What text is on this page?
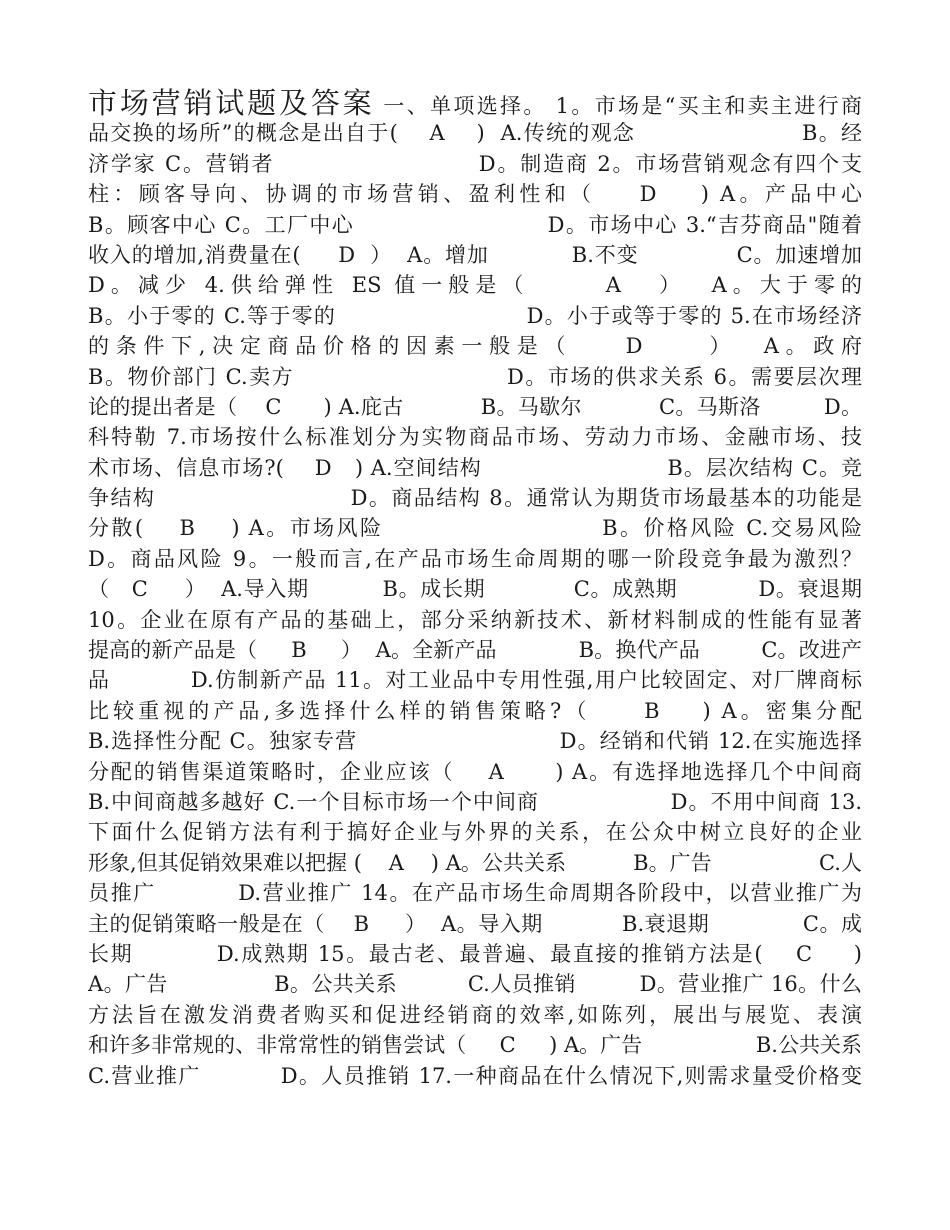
市场营销试题及答案 一、单项选择。 1。市场是“买主和卖主进行商
品交换的场所”的概念是出自于(    A    )  A.传统的观念                     B。经
济学家 C。营销者                        D。制造商 2。市场营销观念有四个支
柱：顾客导向、协调的市场营销、盈利性和（    D    ) A。产品中心
B。顾客中心 C。工厂中心                        D。市场中心 3.“吉芬商品"随着
收入的增加,消费量在(     D  ）  A。增加           B.不变             C。加速增加
D。减少 4.供给弹性 ES 值一般是（      A   ）  A。大于零的
B。小于零的 C.等于零的                        D。小于或等于零的 5.在市场经济
的条件下,决定商品价格的因素一般是（    D     ）  A。政府
B。物价部门 C.卖方                          D。市场的供求关系 6。需要层次理
论的提出者是（    C      ) A.庇古           B。马歇尔           C。马斯洛         D。
科特勒 7.市场按什么标准划分为实物商品市场、劳动力市场、金融市场、技
术市场、信息市场?(    D   ) A.空间结构                        B。层次结构 C。竞
争结构                        D。商品结构 8。通常认为期货市场最基本的功能是
分散(    B    ) A。市场风险                        B。价格风险 C.交易风险
D。商品风险 9。一般而言,在产品市场生命周期的哪一阶段竞争最为激烈？
（   C     ）  A.导入期          B。成长期            C。成熟期           D。衰退期
10。企业在原有产品的基础上，部分采纳新技术、新材料制成的性能有显著
提高的新产品是（     B     ）  A。全新产品            B。换代产品         C。改进产
品          D.仿制新产品 11。对工业品中专用性强,用户比较固定、对厂牌商标
比较重视的产品,多选择什么样的销售策略?（     B    ) A。密集分配
B.选择性分配 C。独家专营                          D。经销和代销 12.在实施选择
分配的销售渠道策略时，企业应该（    A      ) A。有选择地选择几个中间商
B.中间商越多越好 C.一个目标市场一个中间商                 D。不用中间商 13.
下面什么促销方法有利于搞好企业与外界的关系，在公众中树立良好的企业
形象,但其促销效果难以把握 (    A    ) A。公共关系          B。广告                C.人
员推广          D.营业推广 14。在产品市场生命周期各阶段中，以营业推广为
主的促销策略一般是在（    B     ）  A。导入期           B.衰退期             C。成
长期          D.成熟期 15。最古老、最普遍、最直接的推销方法是(    C     )
A。广告               B。公共关系          C.人员推销         D。营业推广 16。什么
方法旨在激发消费者购买和促进经销商的效率,如陈列，展出与展览、表演
和许多非常规的、非常常性的销售尝试（     C     ) A。广告                 B.公共关系
C.营业推广          D。人员推销 17.一种商品在什么情况下,则需求量受价格变
